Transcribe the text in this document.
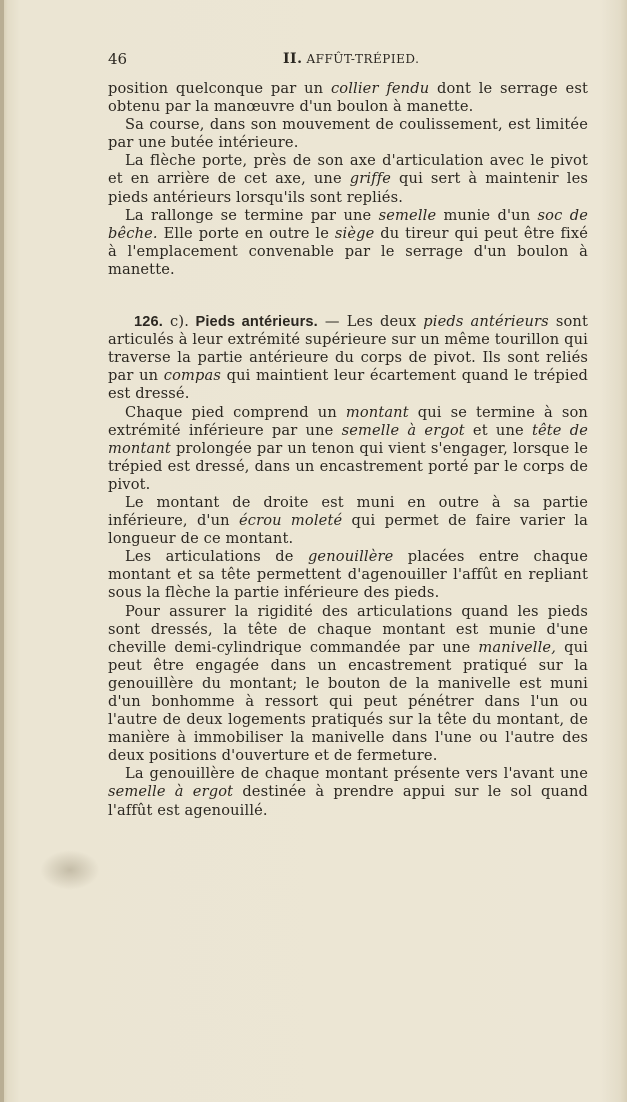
46	II. AFFÛT-TRÉPIED.

position quelconque par un collier fendu dont le serrage est obtenu par la manœuvre d'un boulon à manette.

Sa course, dans son mouvement de coulissement, est limitée par une butée intérieure.

La flèche porte, près de son axe d'articulation avec le pivot et en arrière de cet axe, une griffe qui sert à maintenir les pieds antérieurs lorsqu'ils sont repliés.

La rallonge se termine par une semelle munie d'un soc de bêche. Elle porte en outre le siège du tireur qui peut être fixé à l'emplacement convenable par le serrage d'un boulon à manette.

126. c). Pieds antérieurs. — Les deux pieds antérieurs sont articulés à leur extrémité supérieure sur un même tourillon qui traverse la partie antérieure du corps de pivot. Ils sont reliés par un compas qui maintient leur écartement quand le trépied est dressé.

Chaque pied comprend un montant qui se termine à son extrémité inférieure par une semelle à ergot et une tête de montant prolongée par un tenon qui vient s'engager, lorsque le trépied est dressé, dans un encastrement porté par le corps de pivot.

Le montant de droite est muni en outre à sa partie inférieure, d'un écrou moleté qui permet de faire varier la longueur de ce montant.

Les articulations de genouillère placées entre chaque montant et sa tête permettent d'agenouiller l'affût en repliant sous la flèche la partie inférieure des pieds.

Pour assurer la rigidité des articulations quand les pieds sont dressés, la tête de chaque montant est munie d'une cheville demi-cylindrique commandée par une manivelle, qui peut être engagée dans un encastrement pratiqué sur la genouillère du montant; le bouton de la manivelle est muni d'un bonhomme à ressort qui peut pénétrer dans l'un ou l'autre de deux logements pratiqués sur la tête du montant, de manière à immobiliser la manivelle dans l'une ou l'autre des deux positions d'ouverture et de fermeture.

La genouillère de chaque montant présente vers l'avant une semelle à ergot destinée à prendre appui sur le sol quand l'affût est agenouillé.
